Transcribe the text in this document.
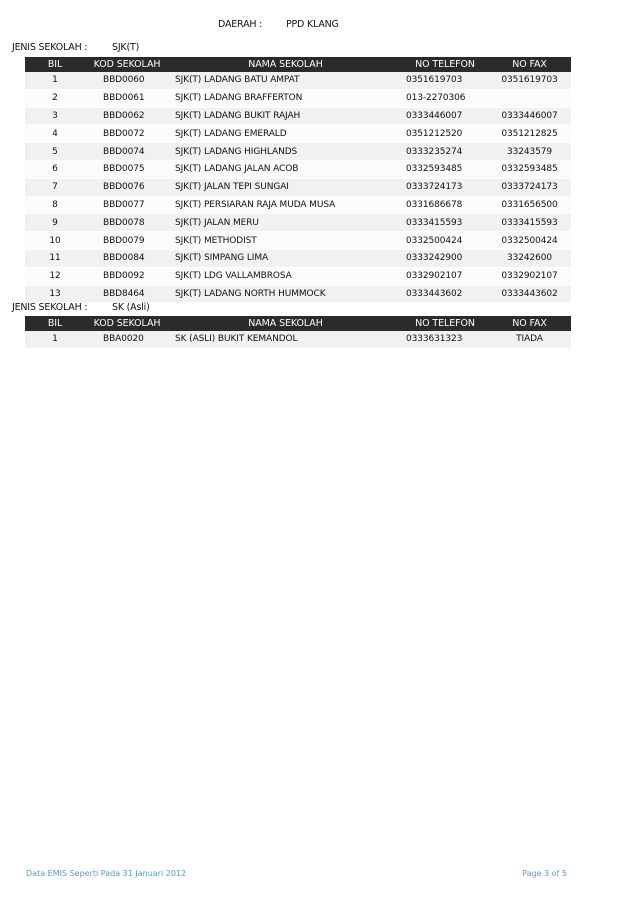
DAERAH :	PPD KLANG
JENIS SEKOLAH :	SJK(T)
BIL	KOD SEKOLAH	NAMA SEKOLAH	NO TELEFON	NO FAX
1	BBD0060	SJK(T) LADANG BATU AMPAT	0351619703	0351619703
2	BBD0061	SJK(T) LADANG BRAFFERTON	013-2270306	
3	BBD0062	SJK(T) LADANG BUKIT RAJAH	0333446007	0333446007
4	BBD0072	SJK(T) LADANG EMERALD	0351212520	0351212825
5	BBD0074	SJK(T) LADANG HIGHLANDS	0333235274	33243579
6	BBD0075	SJK(T) LADANG JALAN ACOB	0332593485	0332593485
7	BBD0076	SJK(T) JALAN TEPI SUNGAI	0333724173	0333724173
8	BBD0077	SJK(T) PERSIARAN RAJA MUDA MUSA	0331686678	0331656500
9	BBD0078	SJK(T) JALAN MERU	0333415593	0333415593
10	BBD0079	SJK(T) METHODIST	0332500424	0332500424
11	BBD0084	SJK(T) SIMPANG LIMA	0333242900	33242600
12	BBD0092	SJK(T) LDG VALLAMBROSA	0332902107	0332902107
13	BBD8464	SJK(T) LADANG NORTH HUMMOCK	0333443602	0333443602
JENIS SEKOLAH :	SK (Asli)
BIL	KOD SEKOLAH	NAMA SEKOLAH	NO TELEFON	NO FAX
1	BBA0020	SK (ASLI) BUKIT KEMANDOL	0333631323	TIADA
Data EMIS Seperti Pada 31 Januari 2012	Page 3 of 5
